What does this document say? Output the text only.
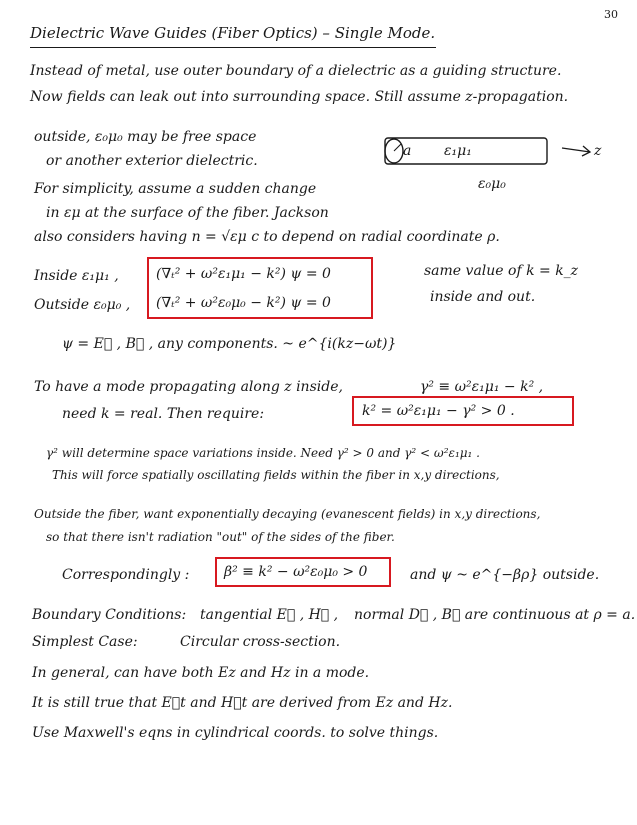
30
Dielectric Wave Guides (Fiber Optics) – Single Mode.
Instead of metal, use outer boundary of a dielectric as a guiding structure.
Now fields can leak out into surrounding space. Still assume z-propagation.
outside, ε₀μ₀ may be free space
or another exterior dielectric.
a ε₁μ₁
ε₀μ₀
z
For simplicity, assume a sudden change
in εμ at the surface of the fiber. Jackson
also considers having n = √εμ c to depend on radial coordinate ρ.
Inside ε₁μ₁ ,
Outside ε₀μ₀ ,
(∇ₜ² + ω²ε₁μ₁ − k²) ψ = 0
(∇ₜ² + ω²ε₀μ₀ − k²) ψ = 0
same value of k = k_z
inside and out.
ψ = E⃗ , B⃗ , any components. ~ e^{i(kz−ωt)}
To have a mode propagating along z inside,	γ² ≡ ω²ε₁μ₁ − k² ,
need k = real. Then require:	k² = ω²ε₁μ₁ − γ² > 0 .
γ² will determine space variations inside. Need γ² > 0 and γ² < ω²ε₁μ₁ .
This will force spatially oscillating fields within the fiber in x,y directions,
Outside the fiber, want exponentially decaying (evanescent fields) in x,y directions,
so that there isn't radiation "out" of the sides of the fiber.
Correspondingly : β² ≡ k² − ω²ε₀μ₀ > 0	and ψ ~ e^{−βρ} outside.
Boundary Conditions: tangential E⃗ , H⃗ , normal D⃗ , B⃗ are continuous at ρ = a.
Simplest Case:	Circular cross-section.
In general, can have both Ez and Hz in a mode.
It is still true that E⃗t and H⃗t are derived from Ez and Hz.
Use Maxwell's eqns in cylindrical coords. to solve things.
